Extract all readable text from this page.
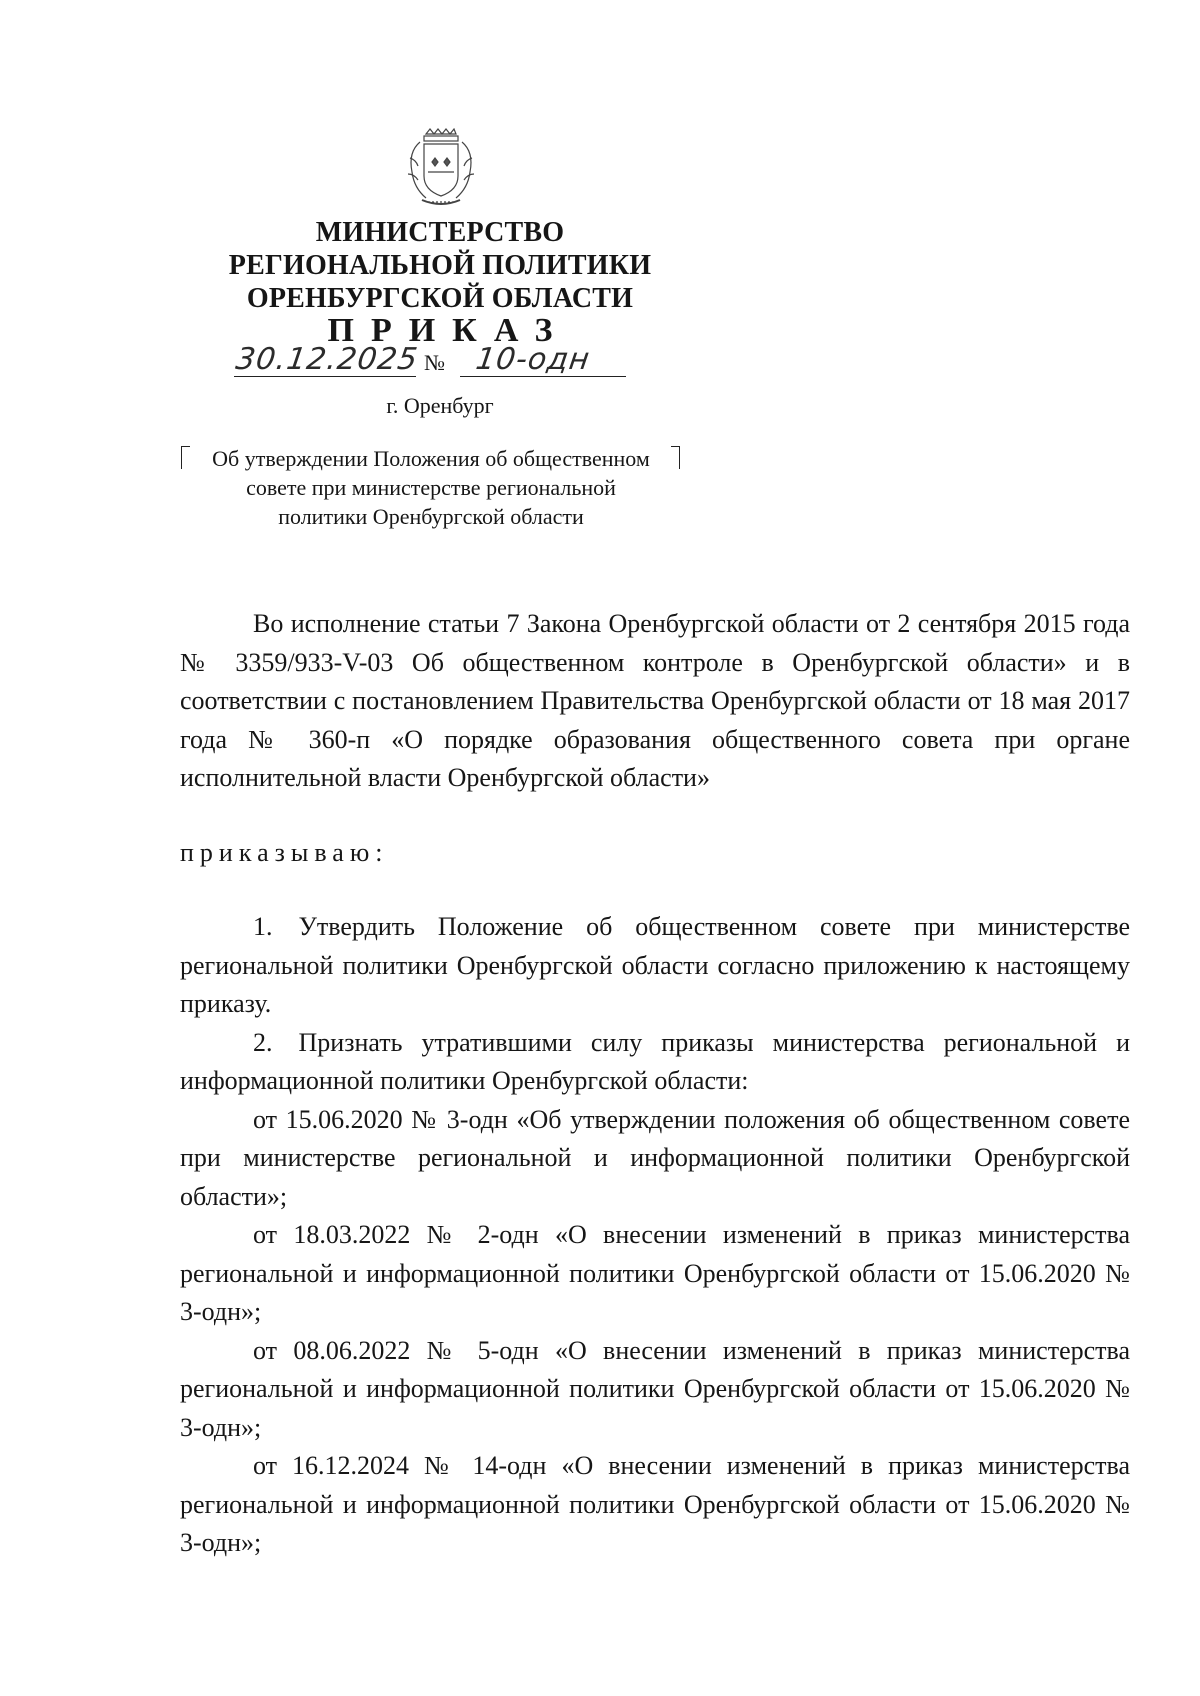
МИНИСТЕРСТВО
РЕГИОНАЛЬНОЙ ПОЛИТИКИ
ОРЕНБУРГСКОЙ ОБЛАСТИ
ПРИКАЗ
30.12.2025 № 10-одн
г. Оренбург
Об утверждении Положения об общественном
совете при министерстве региональной
политики Оренбургской области

Во исполнение статьи 7 Закона Оренбургской области от 2 сентября 2015 года № 3359/933-V-03 Об общественном контроле в Оренбургской области» и в соответствии с постановлением Правительства Оренбургской области от 18 мая 2017 года № 360-п «О порядке образования общественного совета при органе исполнительной власти Оренбургской области»

приказываю:

1. Утвердить Положение об общественном совете при министерстве региональной политики Оренбургской области согласно приложению к настоящему приказу.

2. Признать утратившими силу приказы министерства региональной и информационной политики Оренбургской области:

от 15.06.2020 № 3-одн «Об утверждении положения об общественном совете при министерстве региональной и информационной политики Оренбургской области»;

от 18.03.2022 № 2-одн «О внесении изменений в приказ министерства региональной и информационной политики Оренбургской области от 15.06.2020 № 3-одн»;

от 08.06.2022 № 5-одн «О внесении изменений в приказ министерства региональной и информационной политики Оренбургской области от 15.06.2020 № 3-одн»;

от 16.12.2024 № 14-одн «О внесении изменений в приказ министерства региональной и информационной политики Оренбургской области от 15.06.2020 № 3-одн»;
